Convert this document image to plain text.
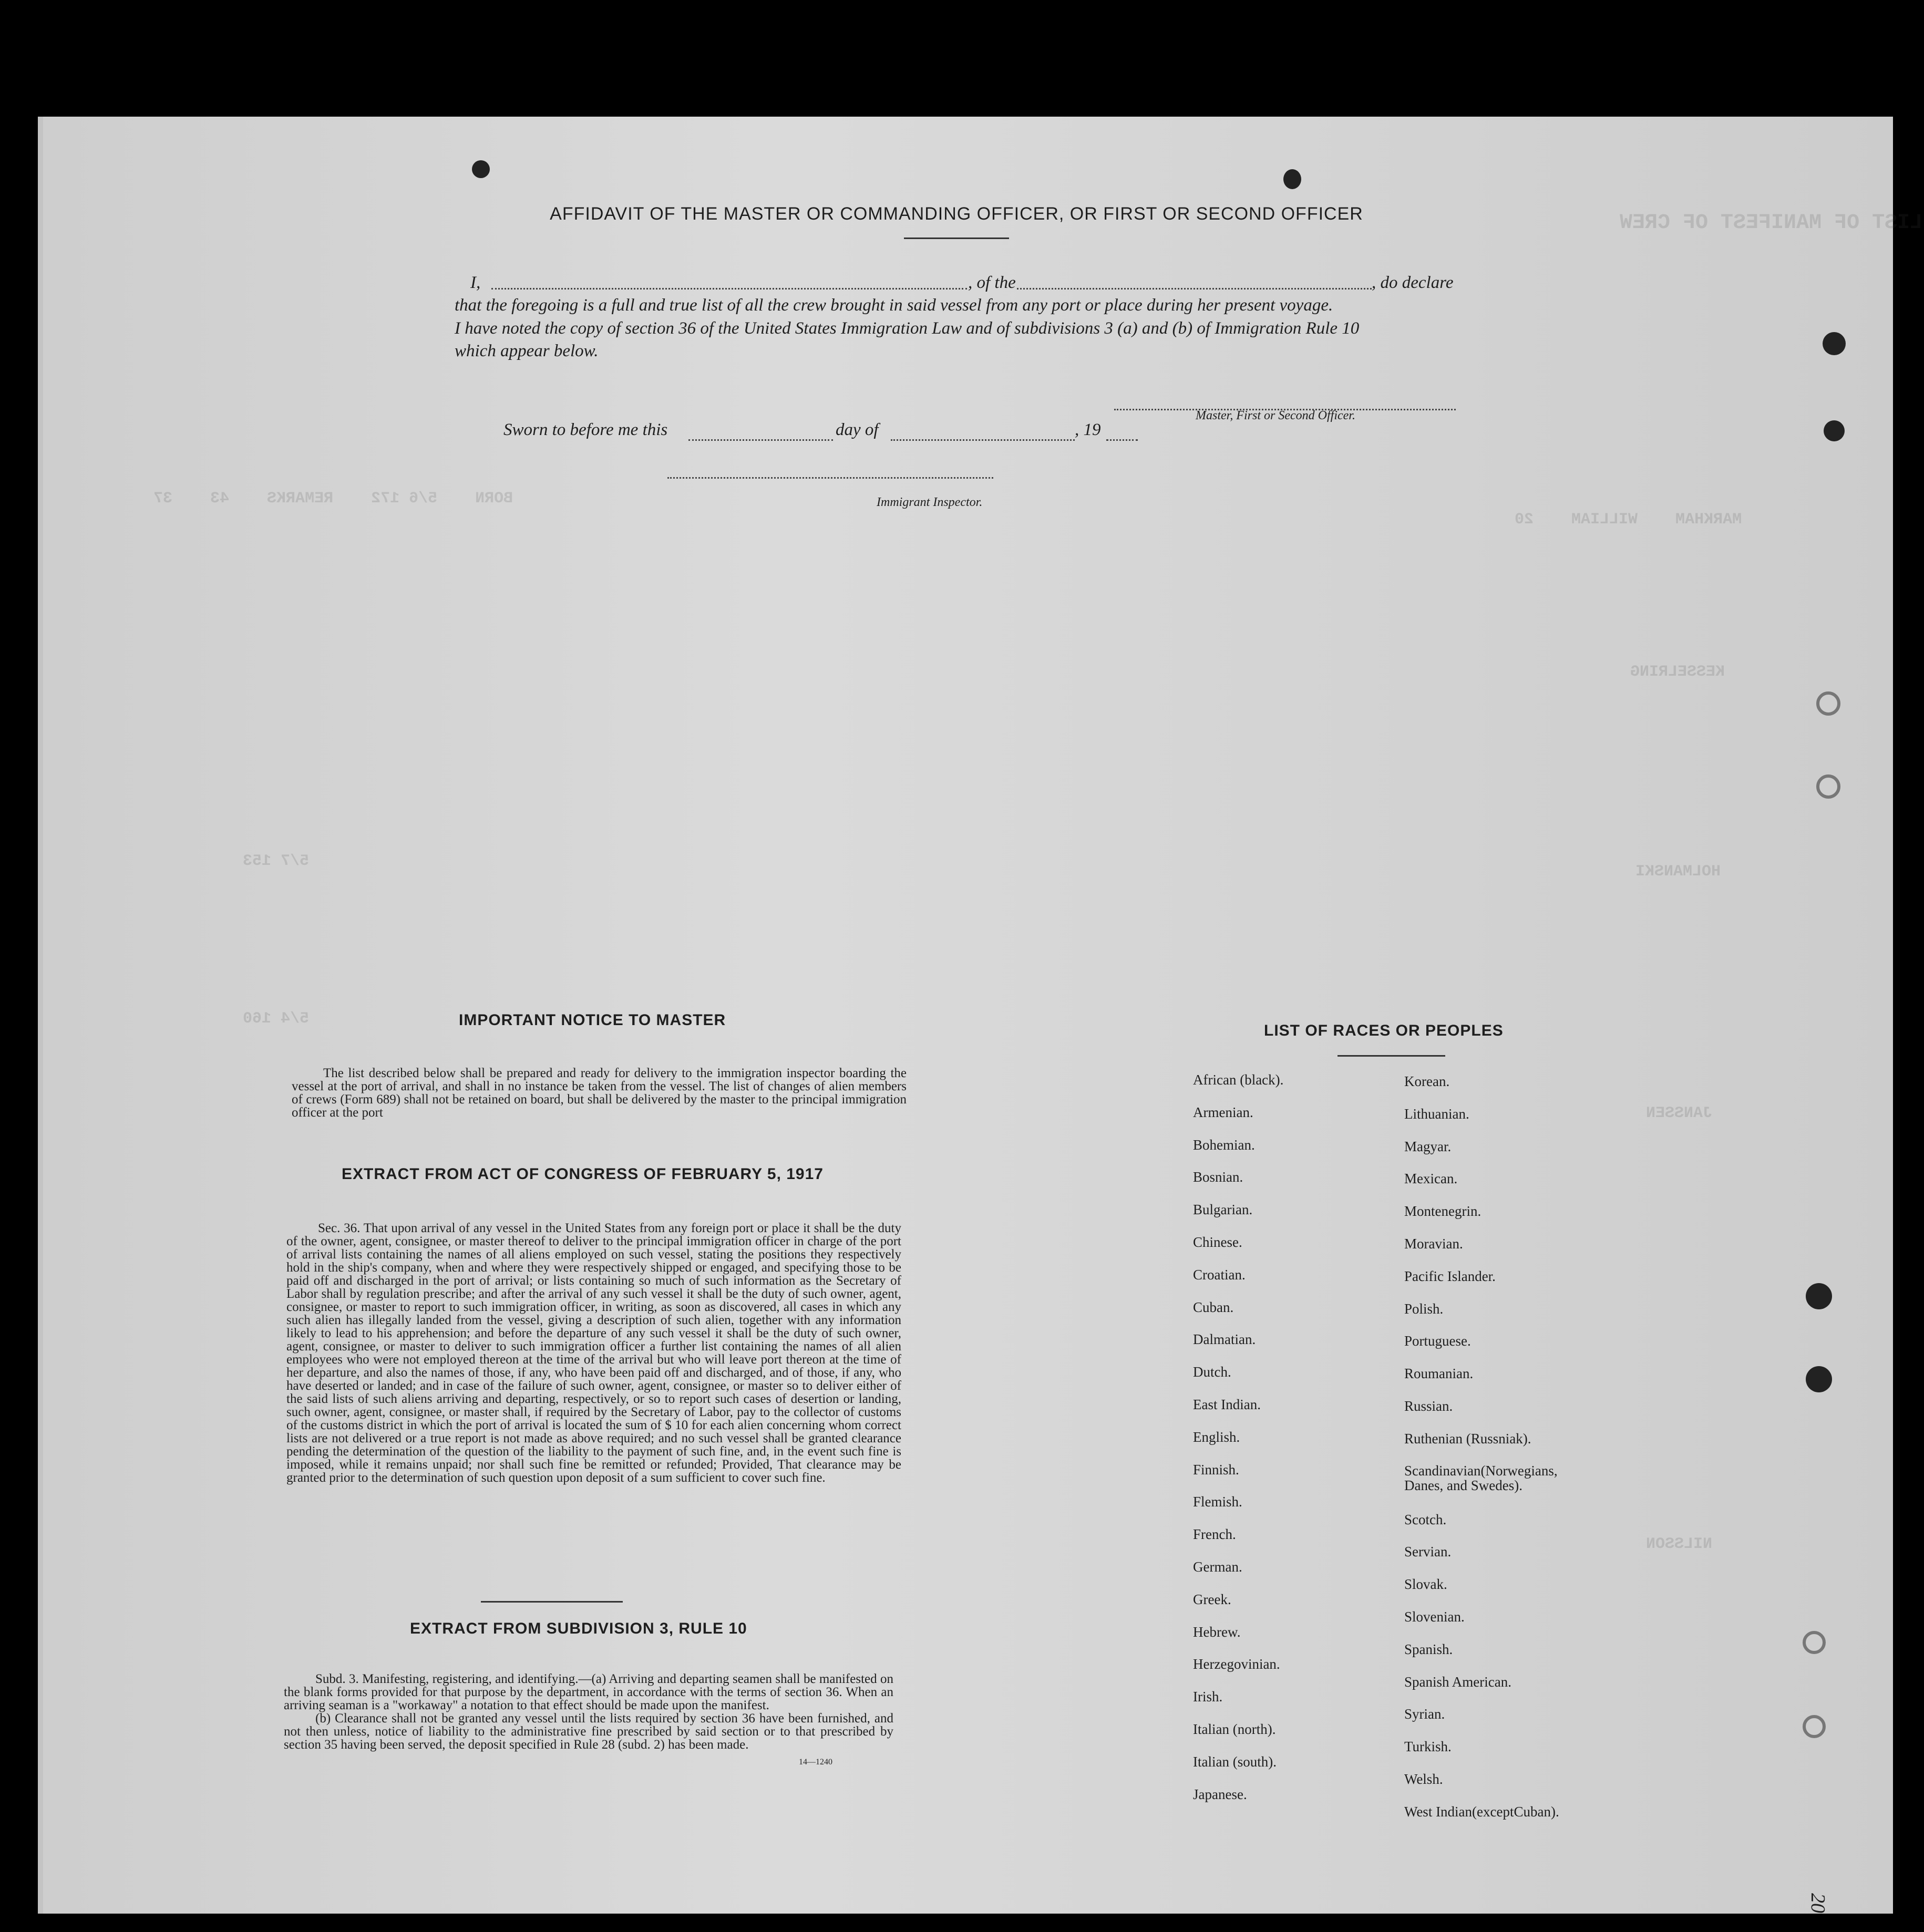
LIST OF MANIFEST OF CREW
BORN    5/6 172    REMARKS    43    37
MARKHAM    WILLIAM    20
KESSELRING
HOLMANSKI
JANSSEN
NILSSON
5/7 153
5/4 160
AFFIDAVIT OF THE MASTER OR COMMANDING OFFICER, OR FIRST OR SECOND OFFICER
I,	, of the	, do declare
that the foregoing is a full and true list of all the crew brought in said vessel from any port or place during her present voyage.
I have noted the copy of section 36 of the United States Immigration Law and of subdivisions 3 (a) and (b) of Immigration Rule 10
which appear below.
Master, First or Second Officer.
Sworn to before me this	day of	, 19
Immigrant Inspector.
IMPORTANT NOTICE TO MASTER

The list described below shall be prepared and ready for delivery to the immigration inspector boarding the vessel at the port of arrival, and shall in no instance be taken from the vessel. The list of changes of alien members of crews (Form 689) shall not be retained on board, but shall be delivered by the master to the principal immigration officer at the port

EXTRACT FROM ACT OF CONGRESS OF FEBRUARY 5, 1917

Sec. 36. That upon arrival of any vessel in the United States from any foreign port or place it shall be the duty of the owner, agent, consignee, or master thereof to deliver to the principal immigration officer in charge of the port of arrival lists containing the names of all aliens employed on such vessel, stating the positions they respectively hold in the ship's company, when and where they were respectively shipped or engaged, and specifying those to be paid off and discharged in the port of arrival; or lists containing so much of such information as the Secretary of Labor shall by regulation prescribe; and after the arrival of any such vessel it shall be the duty of such owner, agent, consignee, or master to report to such immigration officer, in writing, as soon as discovered, all cases in which any such alien has illegally landed from the vessel, giving a description of such alien, together with any information likely to lead to his apprehension; and before the departure of any such vessel it shall be the duty of such owner, agent, consignee, or master to deliver to such immigration officer a further list containing the names of all alien employees who were not employed thereon at the time of the arrival but who will leave port thereon at the time of her departure, and also the names of those, if any, who have been paid off and discharged, and of those, if any, who have deserted or landed; and in case of the failure of such owner, agent, consignee, or master so to deliver either of the said lists of such aliens arriving and departing, respectively, or so to report such cases of desertion or landing, such owner, agent, consignee, or master shall, if required by the Secretary of Labor, pay to the collector of customs of the customs district in which the port of arrival is located the sum of $ 10 for each alien concerning whom correct lists are not delivered or a true report is not made as above required; and no such vessel shall be granted clearance pending the determination of the question of the liability to the payment of such fine, and, in the event such fine is imposed, while it remains unpaid; nor shall such fine be remitted or refunded; Provided, That clearance may be granted prior to the determination of such question upon deposit of a sum sufficient to cover such fine.

EXTRACT FROM SUBDIVISION 3, RULE 10

Subd. 3. Manifesting, registering, and identifying.—(a) Arriving and departing seamen shall be manifested on the blank forms provided for that purpose by the department, in accordance with the terms of section 36. When an arriving seaman is a "workaway" a notation to that effect should be made upon the manifest.

(b) Clearance shall not be granted any vessel until the lists required by section 36 have been furnished, and not then unless, notice of liability to the administrative fine prescribed by said section or to that prescribed by section 35 having been served, the deposit specified in Rule 28 (subd. 2) has been made.

14—1240
LIST OF RACES OR PEOPLES
African (black).
Armenian.
Bohemian.
Bosnian.
Bulgarian.
Chinese.
Croatian.
Cuban.
Dalmatian.
Dutch.
East Indian.
English.
Finnish.
Flemish.
French.
German.
Greek.
Hebrew.
Herzegovinian.
Irish.
Italian (north).
Italian (south).
Japanese.
Korean.
Lithuanian.
Magyar.
Mexican.
Montenegrin.
Moravian.
Pacific Islander.
Polish.
Portuguese.
Roumanian.
Russian.
Ruthenian (Russniak).
Scandinavian(Norwegians, Danes, and Swedes).
Scotch.
Servian.
Slovak.
Slovenian.
Spanish.
Spanish American.
Syrian.
Turkish.
Welsh.
West Indian(exceptCuban).
20
